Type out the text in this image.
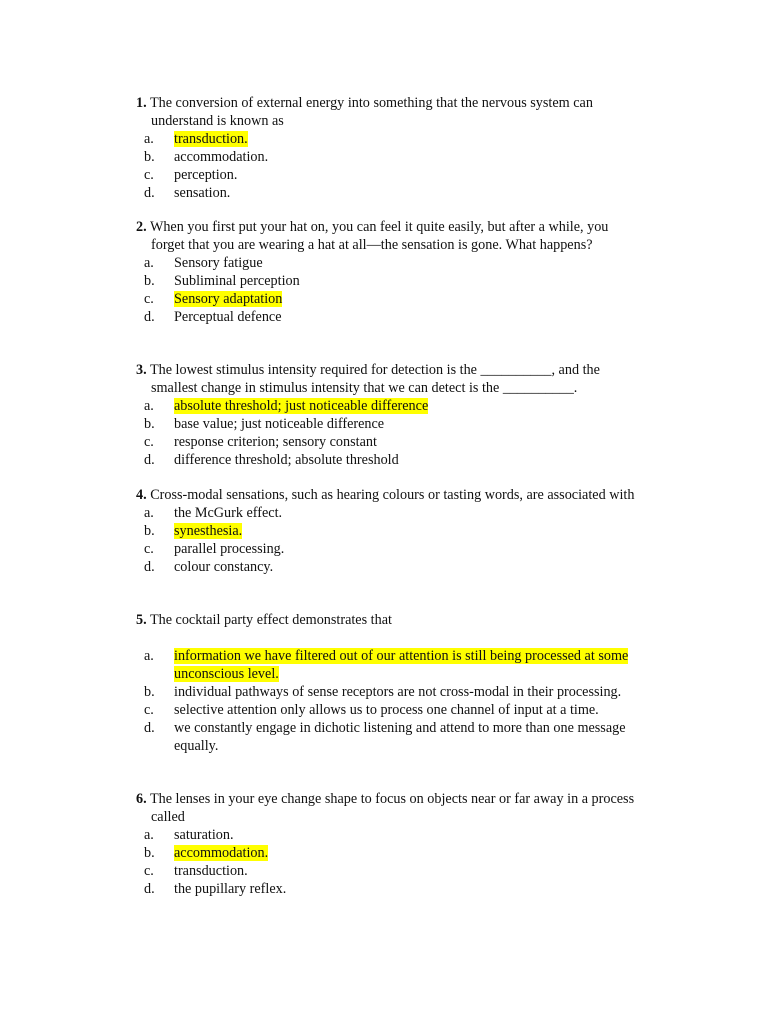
1. The conversion of external energy into something that the nervous system can understand is known as
a. transduction.
b. accommodation.
c. perception.
d. sensation.
2. When you first put your hat on, you can feel it quite easily, but after a while, you forget that you are wearing a hat at all—the sensation is gone. What happens?
a. Sensory fatigue
b. Subliminal perception
c. Sensory adaptation
d. Perceptual defence
3. The lowest stimulus intensity required for detection is the __________, and the smallest change in stimulus intensity that we can detect is the __________.
a. absolute threshold; just noticeable difference
b. base value; just noticeable difference
c. response criterion; sensory constant
d. difference threshold; absolute threshold
4. Cross-modal sensations, such as hearing colours or tasting words, are associated with
a. the McGurk effect.
b. synesthesia.
c. parallel processing.
d. colour constancy.
5. The cocktail party effect demonstrates that
a. information we have filtered out of our attention is still being processed at some unconscious level.
b. individual pathways of sense receptors are not cross-modal in their processing.
c. selective attention only allows us to process one channel of input at a time.
d. we constantly engage in dichotic listening and attend to more than one message equally.
6. The lenses in your eye change shape to focus on objects near or far away in a process called
a. saturation.
b. accommodation.
c. transduction.
d. the pupillary reflex.
